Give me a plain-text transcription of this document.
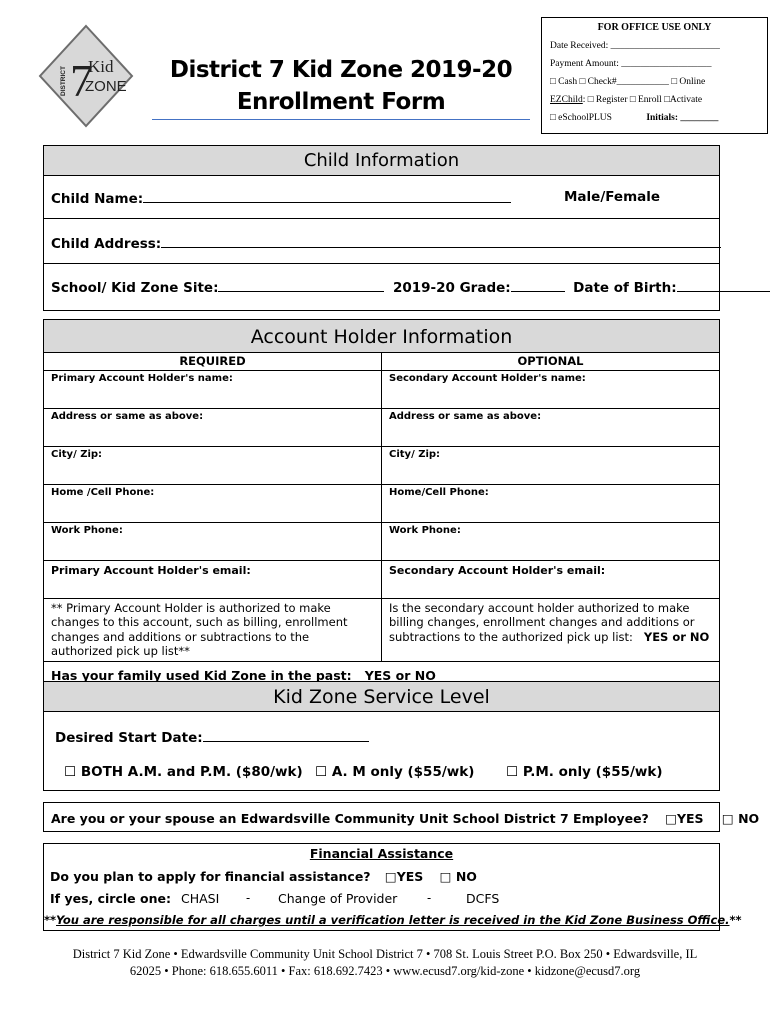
7
Kid
ZONE
DISTRICT	District 7 Kid Zone 2019-20
Enrollment Form
FOR OFFICE USE ONLY
Date Received: _______________________
Payment Amount: ___________________
□ Cash □ Check#___________ □ Online
EZChild: □ Register □ Enroll □Activate
□ eSchoolPLUS	Initials: ________
Child Information
Child Name:	Male/Female
Child Address:
School/ Kid Zone Site:	2019-20 Grade:	Date of Birth:
Account Holder Information
REQUIRED	OPTIONAL
Primary Account Holder's name:	Secondary Account Holder's name:
Address or same as above:	Address or same as above:
City/ Zip:	City/ Zip:
Home /Cell Phone:	Home/Cell Phone:
Work Phone:	Work Phone:
Primary Account Holder's email:	Secondary Account Holder's email:
** Primary Account Holder is authorized to make changes to this account, such as billing, enrollment changes and additions or subtractions to the authorized pick up list**	Is the secondary account holder authorized to make billing changes, enrollment changes and additions or subtractions to the authorized pick up list: YES or NO
Has your family used Kid Zone in the past: YES or NO	
Kid Zone Service Level
Desired Start Date:
☐ BOTH A.M. and P.M. ($80/wk) ☐ A. M only ($55/wk) ☐ P.M. only ($55/wk)
Are you or your spouse an Edwardsville Community Unit School District 7 Employee? □YES □ NO
Financial Assistance
Do you plan to apply for financial assistance? □YES □ NO
If yes, circle one: CHASI - Change of Provider -	DCFS
**You are responsible for all charges until a verification letter is received in the Kid Zone Business Office.**
District 7 Kid Zone • Edwardsville Community Unit School District 7 • 708 St. Louis Street P.O. Box 250 • Edwardsville, IL
62025 • Phone: 618.655.6011 • Fax: 618.692.7423 • www.ecusd7.org/kid-zone • kidzone@ecusd7.org
